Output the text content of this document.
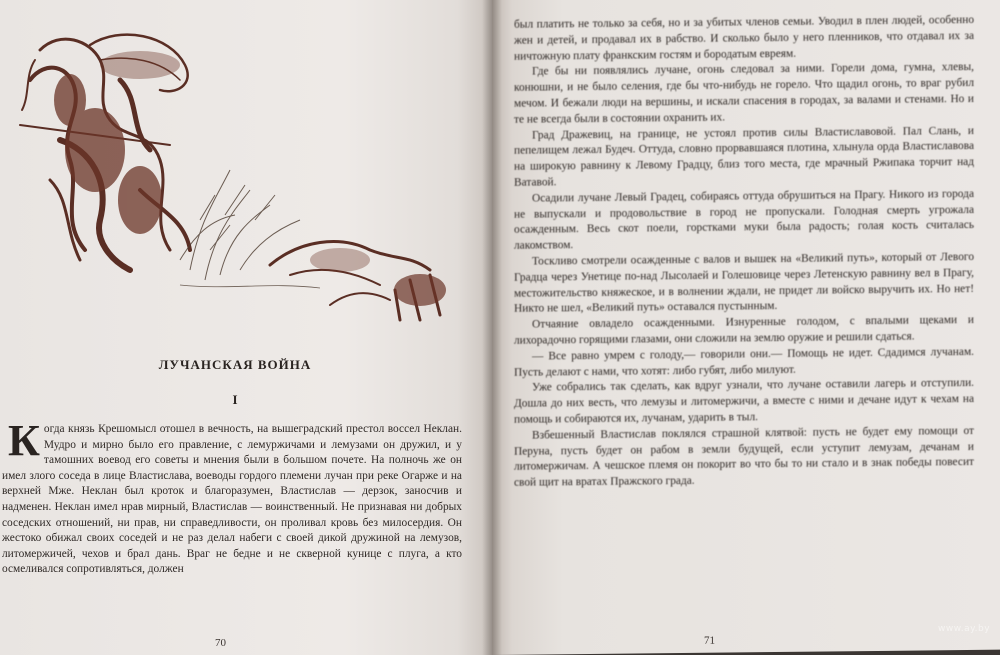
ЛУЧАНСКАЯ ВОЙНА
I
К огда князь Крешомысл отошел в вечность, на вышеградский престол воссел Неклан. Мудро и мирно было его правление, с лемуржичами и лемузами он дружил, и у тамошних воевод его советы и мнения были в большом почете. На полночь же он имел злого соседа в лице Властислава, воеводы гордого племени лучан при реке Огарже и на верхней Мже. Неклан был кроток и благоразумен, Властислав — дерзок, заносчив и надменен. Неклан имел нрав мирный, Властислав — воинственный. Не признавая ни добрых соседских отношений, ни прав, ни справедливости, он проливал кровь без милосердия. Он жестоко обижал своих соседей и не раз делал набеги с своей дикой дружиной на лемузов, литомержичей, чехов и брал дань. Враг не бедне и не скверной кунице с плуга, а кто осмеливался сопротивляться, должен

70

был платить не только за себя, но и за убитых членов семьи. Уводил в плен людей, особенно жен и детей, и продавал их в рабство. И сколько было у него пленников, что отдавал их за ничтожную плату франкским гостям и бородатым евреям.

Где бы ни появлялись лучане, огонь следовал за ними. Горели дома, гумна, хлевы, конюшни, и не было селения, где бы что-нибудь не горело. Что щадил огонь, то враг рубил мечом. И бежали люди на вершины, и искали спасения в городах, за валами и стенами. Но и те не всегда были в состоянии охранить их.

Град Дражевиц, на границе, не устоял против силы Властиславовой. Пал Слань, и пепелищем лежал Будеч. Оттуда, словно прорвавшаяся плотина, хлынула орда Властиславова на широкую равнину к Левому Градцу, близ того места, где мрачный Ржипака торчит над Ватавой.

Осадили лучане Левый Градец, собираясь оттуда обрушиться на Прагу. Никого из города не выпускали и продовольствие в город не пропускали. Голодная смерть угрожала осажденным. Весь скот поели, горстками муки была радость; голая кость считалась лакомством.

Тоскливо смотрели осажденные с валов и вышек на «Великий путь», который от Левого Градца через Унетице по-над Лысолаей и Голешовице через Летенскую равнину вел в Прагу, местожительство княжеское, и в волнении ждали, не придет ли войско выручить их. Но нет! Никто не шел, «Великий путь» оставался пустынным.

Отчаяние овладело осажденными. Изнуренные голодом, с впалыми щеками и лихорадочно горящими глазами, они сложили на землю оружие и решили сдаться.

— Все равно умрем с голоду,— говорили они.— Помощь не идет. Сдадимся лучанам. Пусть делают с нами, что хотят: либо губят, либо милуют.

Уже собрались так сделать, как вдруг узнали, что лучане оставили лагерь и отступили. Дошла до них весть, что лемузы и литомержичи, а вместе с ними и дечане идут к чехам на помощь и собираются их, лучанам, ударить в тыл.

Взбешенный Властислав поклялся страшной клятвой: пусть не будет ему помощи от Перуна, пусть будет он рабом в земли будущей, если уступит лемузам, дечанам и литомержичам. А чешское племя он покорит во что бы то ни стало и в знак победы повесит свой щит на вратах Пражского града.

71
www.ay.by
